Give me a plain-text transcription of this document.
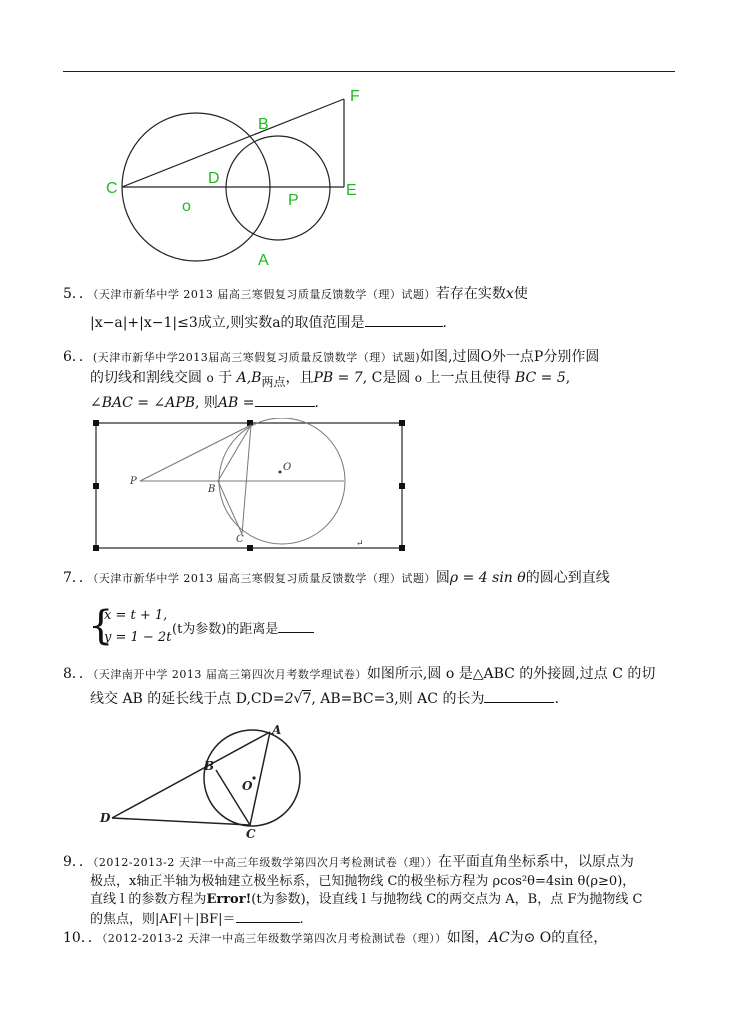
F
B
C
D
o	P
E
A
5．．（天津市新华中学 2013 届高三寒假复习质量反馈数学（理）试题）若存在实数x使
|x−a|+|x−1|≤3成立,则实数a的取值范围是	.
6．．(天津市新华中学2013届高三寒假复习质量反馈数学（理）试题)如图,过圆O外一点P分别作圆
的切线和割线交圆 o 于 A,B两点，且PB = 7, C是圆 o 上一点且使得 BC = 5,
∠BAC = ∠APB, 则AB =	.
P
B
O
C	↵
7．．（天津市新华中学 2013 届高三寒假复习质量反馈数学（理）试题）圆ρ = 4 sin θ的圆心到直线
{
x = t + 1,
y = 1 − 2t
(t为参数)的距离是
8．．（天津南开中学 2013 届高三第四次月考数学理试卷）如图所示,圆 o 是△ABC 的外接圆,过点 C 的切
线交 AB 的延长线于点 D,CD=2√7, AB=BC=3,则 AC 的长为	.
A
B
O
C
D
9．．（2012-2013-2 天津一中高三年级数学第四次月考检测试卷（理））在平面直角坐标系中，以原点为
极点，x轴正半轴为极轴建立极坐标系，已知抛物线 C的极坐标方程为 ρcos²θ=4sin θ(ρ≥0)，
直线 l 的参数方程为Error!(t为参数)，设直线 l 与抛物线 C的两交点为 A，B，点 F为抛物线 C
的焦点，则|AF|＋|BF|＝	.
10．．（2012-2013-2 天津一中高三年级数学第四次月考检测试卷（理））如图，AC为⊙ O的直径，
